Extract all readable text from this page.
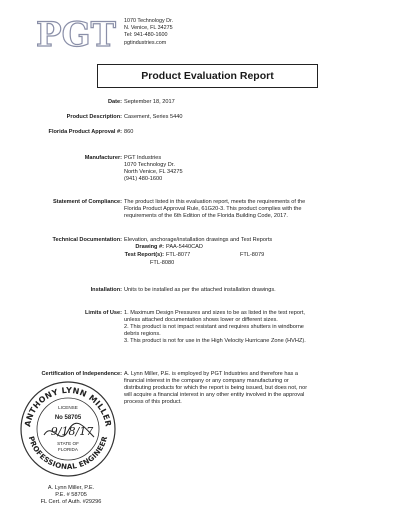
PGT 1070 Technology Dr.
N. Venice, FL 34275
Tel: 941-480-1600
pgtindustries.com
Product Evaluation Report
Date: September 18, 2017
Product Description: Casement, Series 5440
Florida Product Approval #: 860
Manufacturer: PGT Industries
1070 Technology Dr.
North Venice, FL 34275
(941) 480-1600
Statement of Compliance: The product listed in this evaluation report, meets the requirements of the
Florida Product Approval Rule, 61G20-3. This product complies with the
requirements of the 6th Edition of the Florida Building Code, 2017.
Technical Documentation: Elevation, anchorage/installation drawings and Test Reports
Drawing #: PAA-5440CAD
Test Report(s): FTL-8077	FTL-8079
FTL-8080
Installation: Units to be installed as per the attached installation drawings.
Limits of Use: 1. Maximum Design Pressures and sizes to be as listed in the test report,
unless attached documentation shows lower or different sizes.
2. This product is not impact resistant and requires shutters in windborne
debris regions.
3. This product is not for use in the High Velocity Hurricane Zone (HVHZ).
Certification of Independence: A. Lynn Miller, P.E. is employed by PGT Industries and therefore has a
financial interest in the company or any company manufacturing or
distributing products for which the report is being issued, but does not, nor
will acquire a financial interest in any other entity involved in the approval
process of this product.
ANTHONY LYNN MILLER
PROFESSIONAL ENGINEER
LICENSE
No 58705
9/18/17
STATE OF
FLORIDA
A. Lynn Miller, P.E.
P.E. # 58705
FL Cert. of Auth. #29296
